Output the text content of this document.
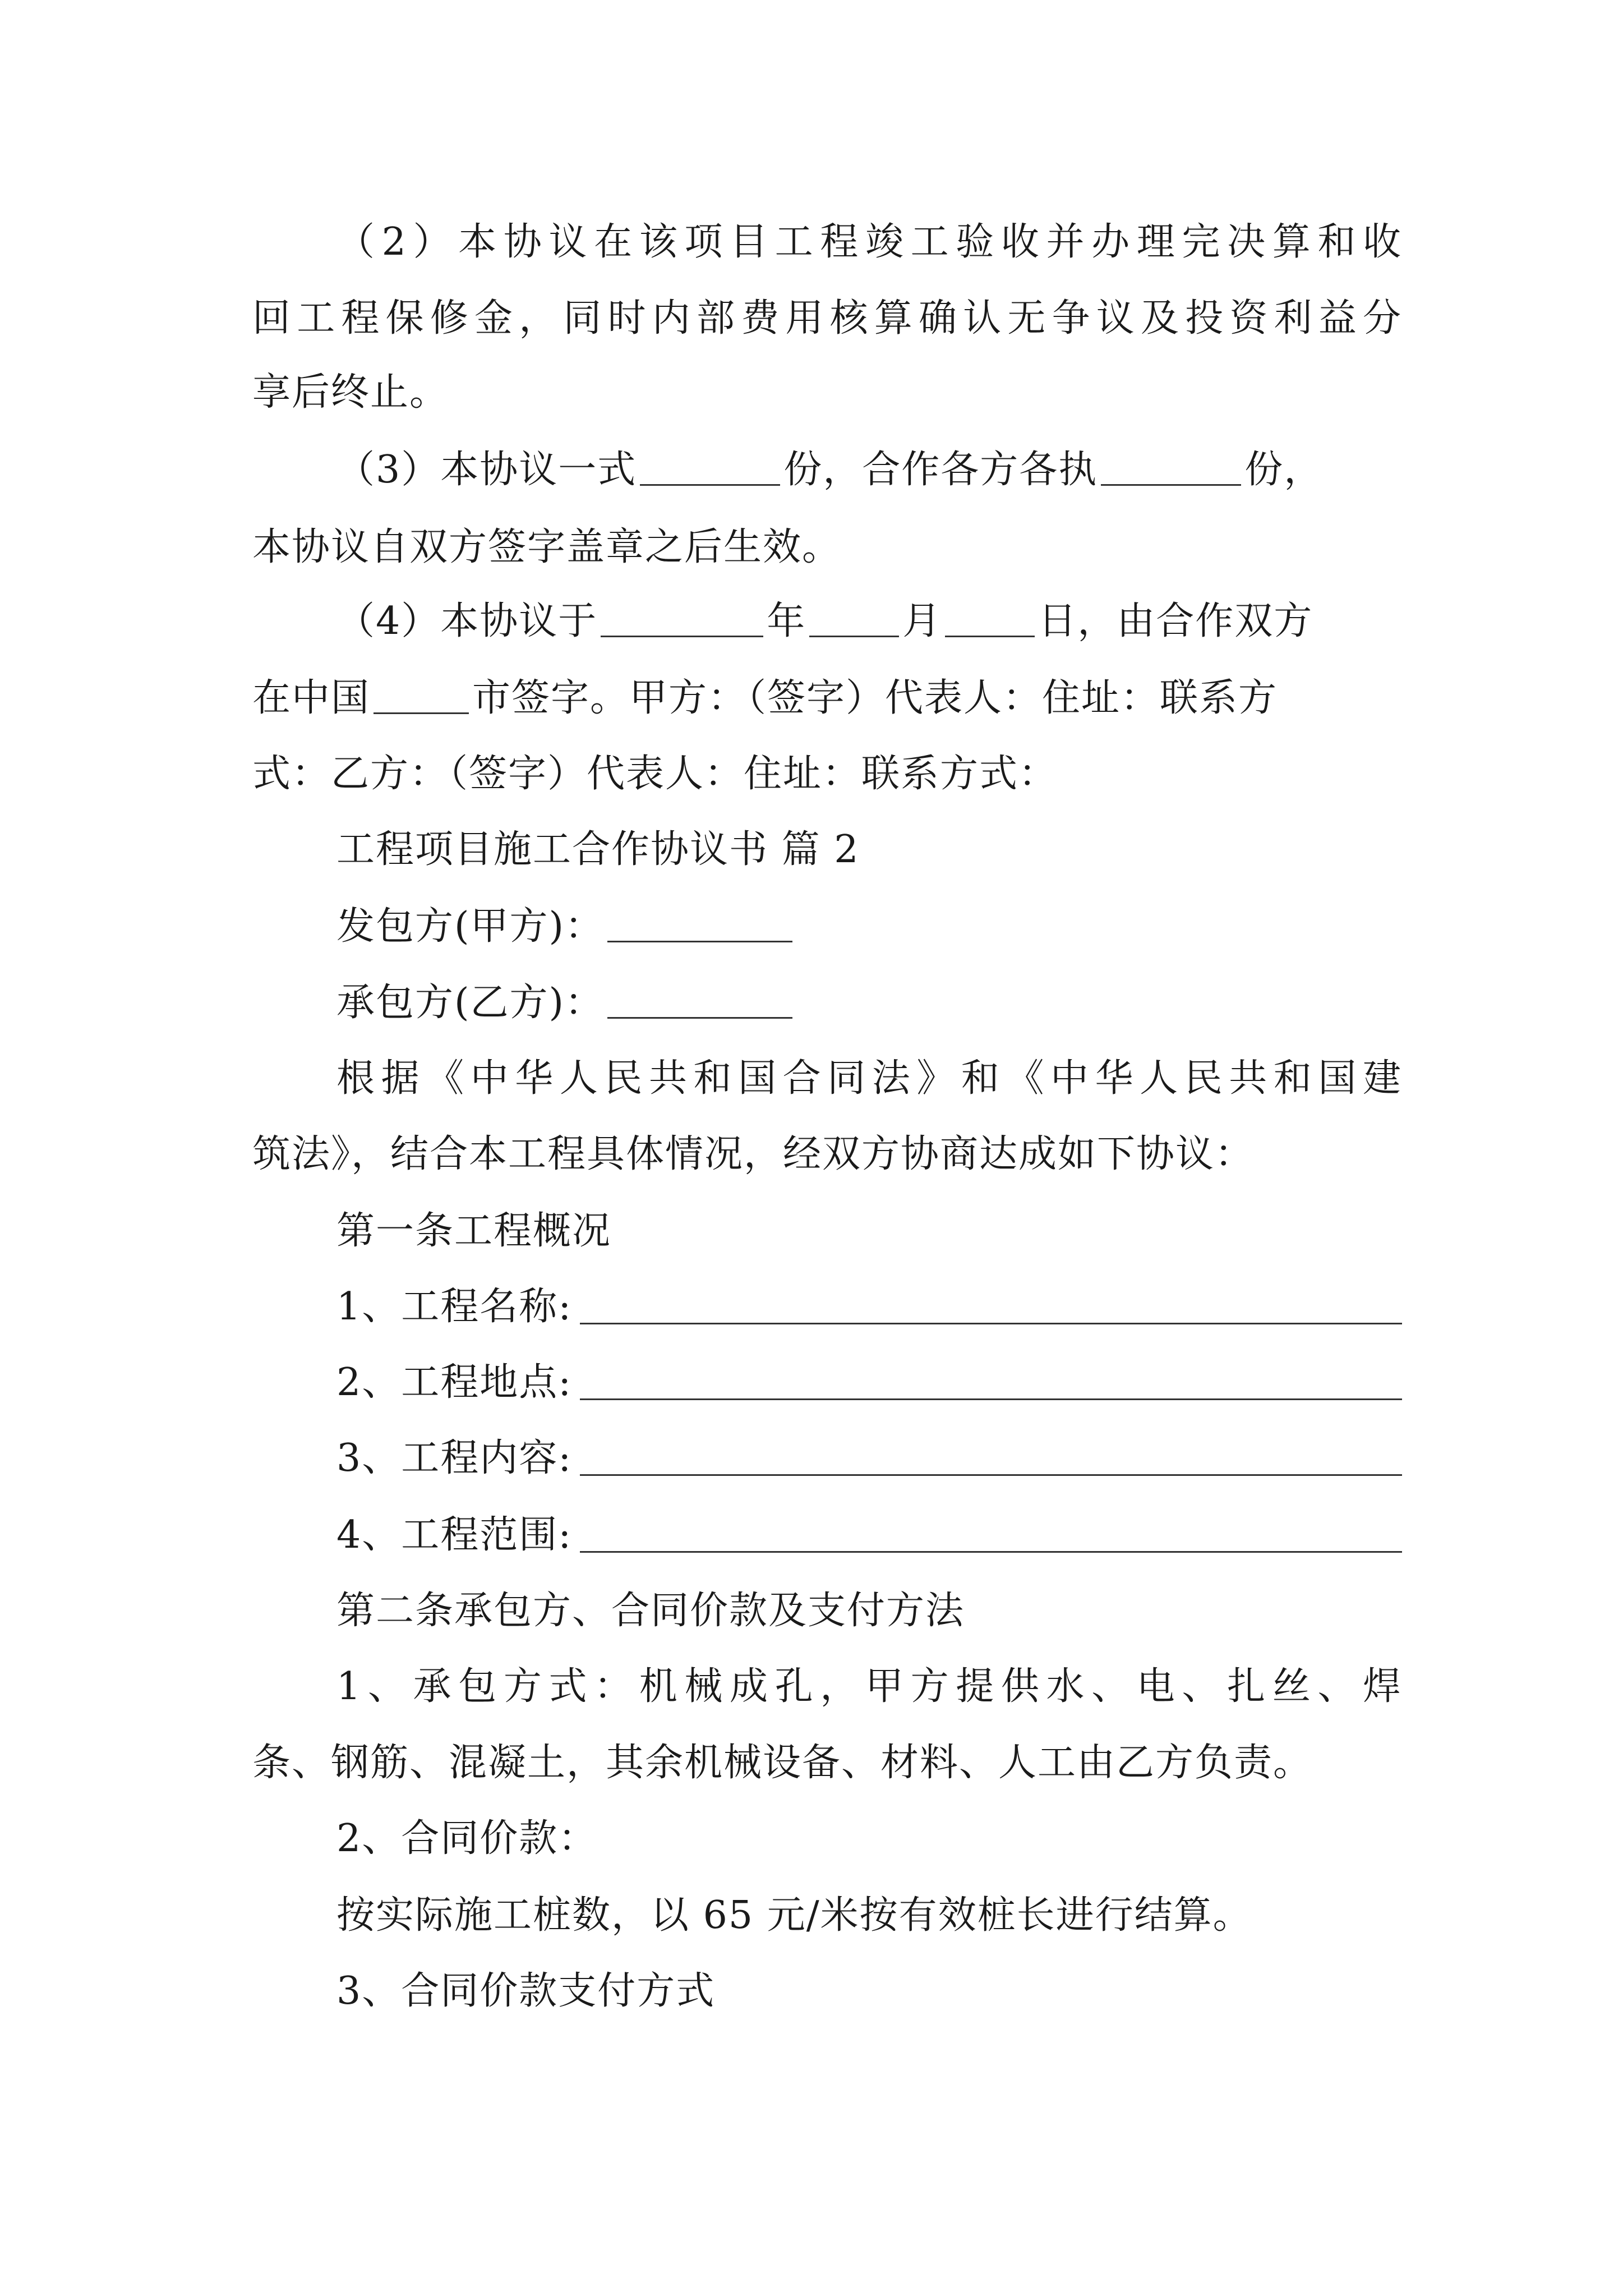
（2）本协议在该项目工程竣工验收并办理完决算和收
回工程保修金，同时内部费用核算确认无争议及投资利益分
享后终止。
（3）本协议一式	份，合作各方各执	份，
本协议自双方签字盖章之后生效。
（4）本协议于	年	月	日，由合作双方
在中国	市签字。甲方：（签字）代表人：住址：联系方
式：乙方：（签字）代表人：住址：联系方式：
工程项目施工合作协议书 篇 2
发包方(甲方)：
承包方(乙方)：
根据《中华人民共和国合同法》和《中华人民共和国建
筑法》，结合本工程具体情况，经双方协商达成如下协议：
第一条工程概况
1、工程名称:
2、工程地点:
3、工程内容:
4、工程范围:
第二条承包方、合同价款及支付方法
1、承包方式：机械成孔，甲方提供水、电、扎丝、焊
条、钢筋、混凝土，其余机械设备、材料、人工由乙方负责。
2、合同价款：
按实际施工桩数，以 65 元/米按有效桩长进行结算。
3、合同价款支付方式
